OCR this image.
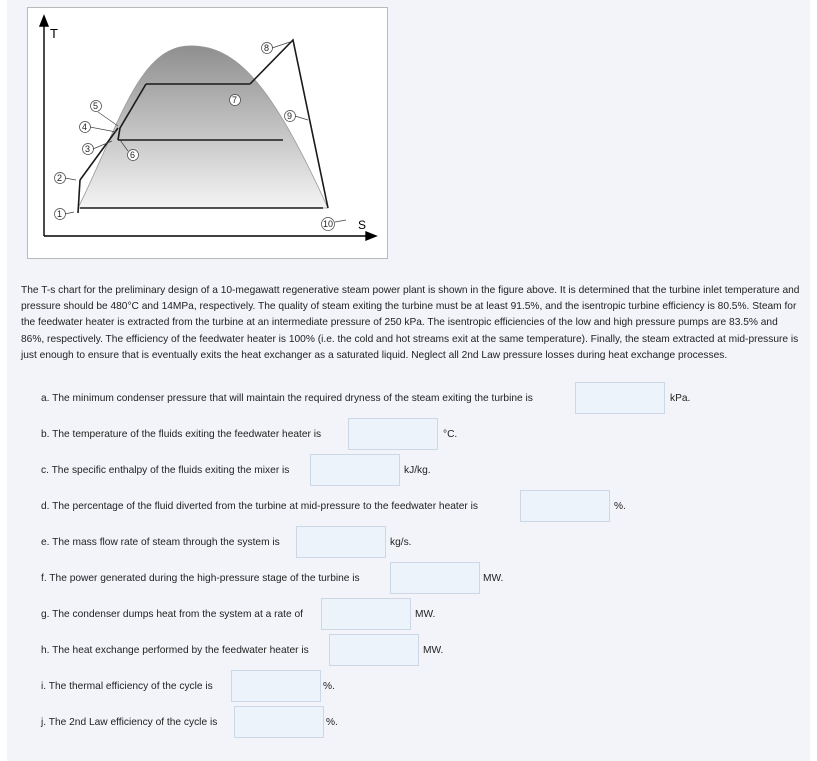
T
S
1
2
3
4
5
6
7
8
9
10
The T-s chart for the preliminary design of a 10-megawatt regenerative steam power plant is shown in the figure above. It is determined that the turbine inlet temperature and pressure should be 480°C and 14MPa, respectively. The quality of steam exiting the turbine must be at least 91.5%, and the isentropic turbine efficiency is 80.5%. Steam for the feedwater heater is extracted from the turbine at an intermediate pressure of 250 kPa. The isentropic efficiencies of the low and high pressure pumps are 83.5% and 86%, respectively. The efficiency of the feedwater heater is 100% (i.e. the cold and hot streams exit at the same temperature). Finally, the steam extracted at mid-pressure is just enough to ensure that is eventually exits the heat exchanger as a saturated liquid. Neglect all 2nd Law pressure losses during heat exchange processes.
a. The minimum condenser pressure that will maintain the required dryness of the steam exiting the turbine is	kPa.
b. The temperature of the fluids exiting the feedwater heater is	°C.
c. The specific enthalpy of the fluids exiting the mixer is	kJ/kg.
d. The percentage of the fluid diverted from the turbine at mid-pressure to the feedwater heater is	%.
e. The mass flow rate of steam through the system is	kg/s.
f. The power generated during the high-pressure stage of the turbine is	MW.
g. The condenser dumps heat from the system at a rate of	MW.
h. The heat exchange performed by the feedwater heater is	MW.
i. The thermal efficiency of the cycle is	%.
j. The 2nd Law efficiency of the cycle is	%.
